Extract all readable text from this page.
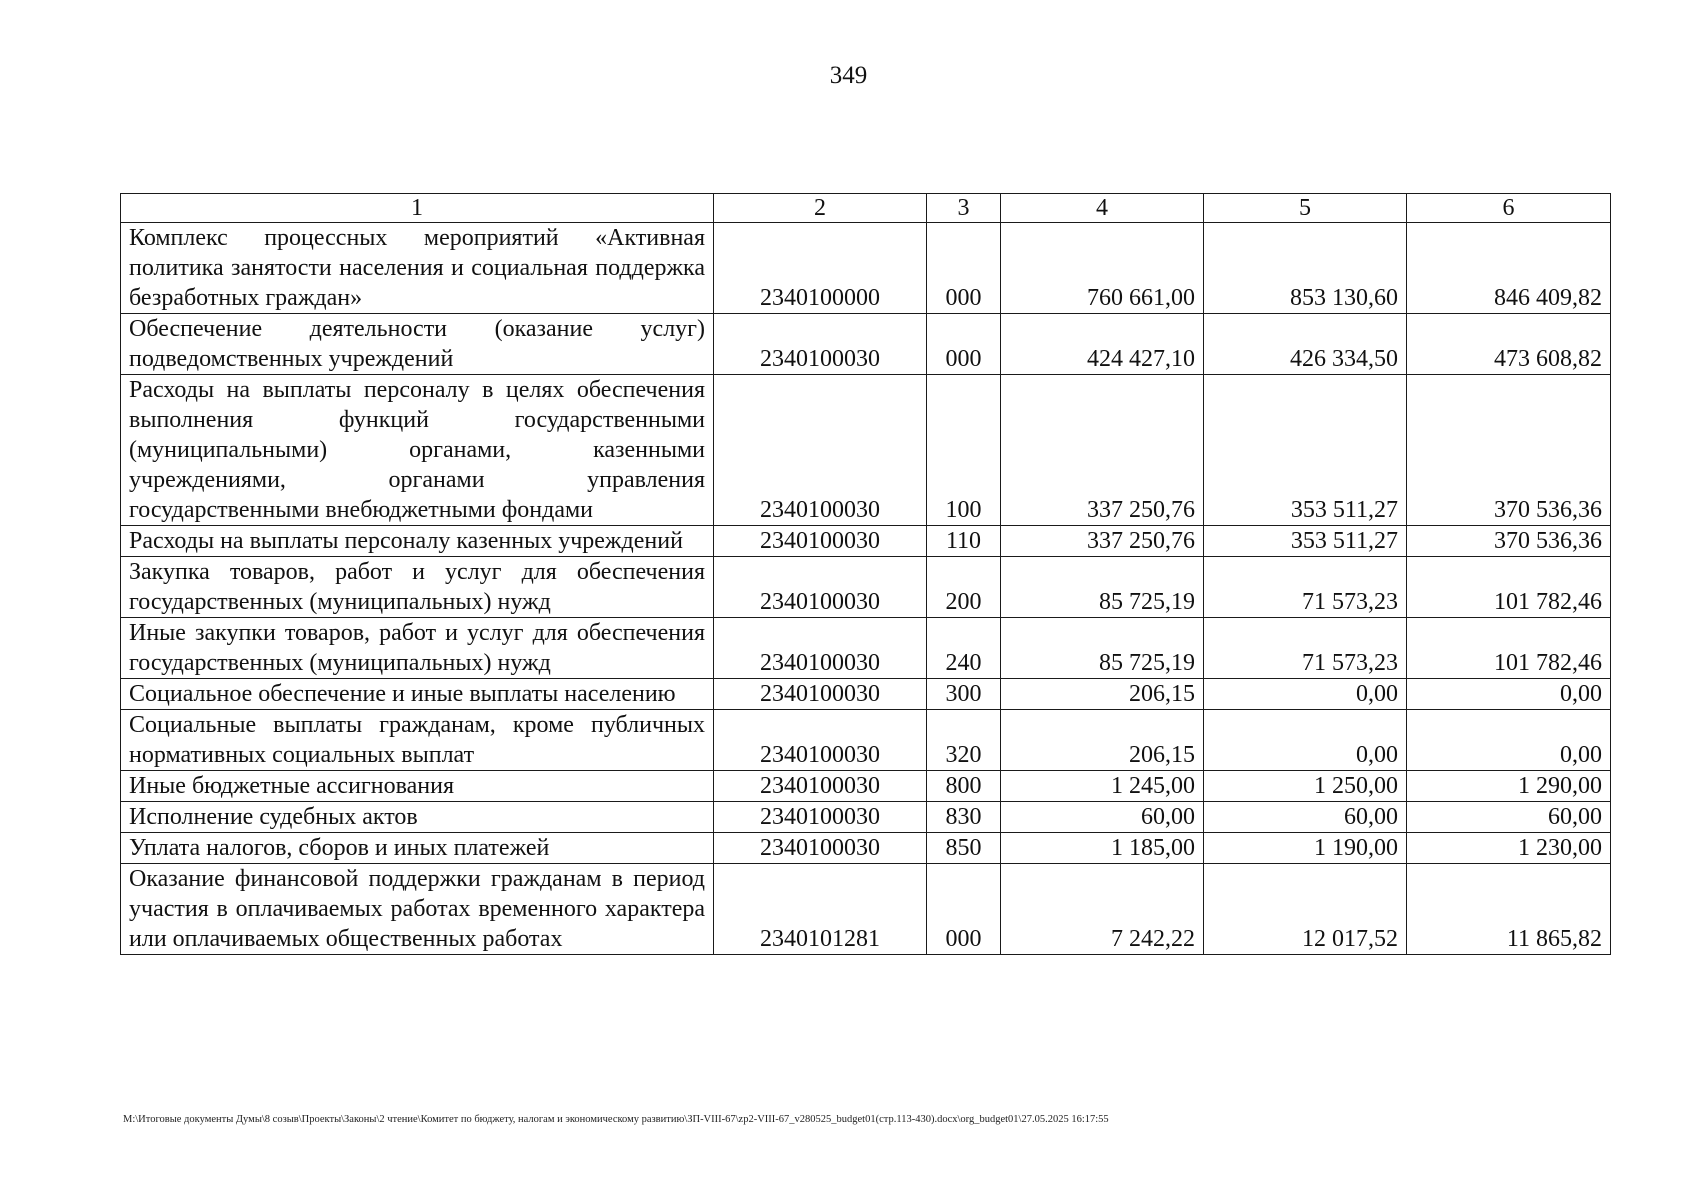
349
1	2	3	4	5	6
Комплекс процессных мероприятий «Активная политика занятости населения и социальная поддержка безработных граждан»	2340100000	000	760 661,00	853 130,60	846 409,82
Обеспечение деятельности (оказание услуг) подведомственных учреждений	2340100030	000	424 427,10	426 334,50	473 608,82
Расходы на выплаты персоналу в целях обеспечения выполнения функций государственными (муниципальными) органами, казенными учреждениями, органами управления государственными внебюджетными фондами	2340100030	100	337 250,76	353 511,27	370 536,36
Расходы на выплаты персоналу казенных учреждений	2340100030	110	337 250,76	353 511,27	370 536,36
Закупка товаров, работ и услуг для обеспечения государственных (муниципальных) нужд	2340100030	200	85 725,19	71 573,23	101 782,46
Иные закупки товаров, работ и услуг для обеспечения государственных (муниципальных) нужд	2340100030	240	85 725,19	71 573,23	101 782,46
Социальное обеспечение и иные выплаты населению	2340100030	300	206,15	0,00	0,00
Социальные выплаты гражданам, кроме публичных нормативных социальных выплат	2340100030	320	206,15	0,00	0,00
Иные бюджетные ассигнования	2340100030	800	1 245,00	1 250,00	1 290,00
Исполнение судебных актов	2340100030	830	60,00	60,00	60,00
Уплата налогов, сборов и иных платежей	2340100030	850	1 185,00	1 190,00	1 230,00
Оказание финансовой поддержки гражданам в период участия в оплачиваемых работах временного характера или оплачиваемых общественных работах	2340101281	000	7 242,22	12 017,52	11 865,82
M:\Итоговые документы Думы\8 созыв\Проекты\Законы\2 чтение\Комитет по бюджету, налогам и экономическому развитию\ЗП-VIII-67\zp2-VIII-67_v280525_budget01(стр.113-430).docx\org_budget01\27.05.2025 16:17:55
